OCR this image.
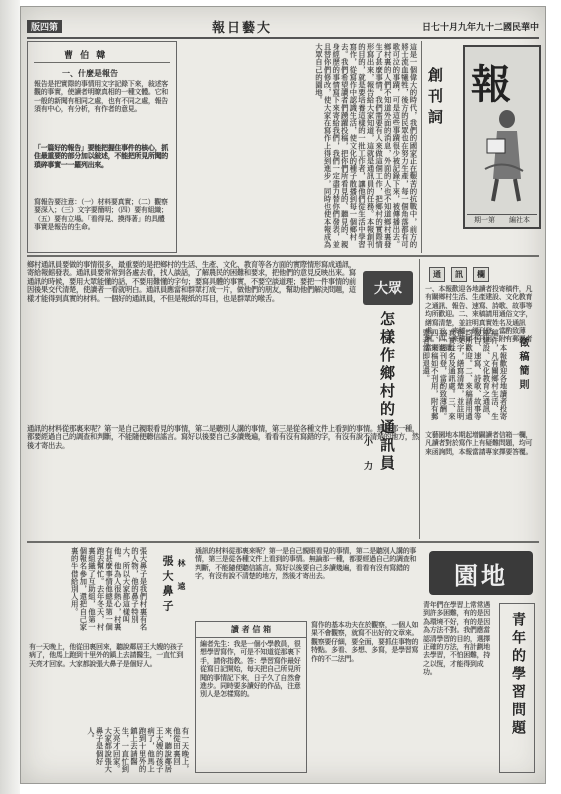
版四第	報日藝大	日七十月九年九十二國民華中
曹 伯 韓
一、什麼是報告
報告是把實際的事情用文字記錄下來，敍述客觀的事實，使讀者明瞭真相的一種文體。它和一般的新聞有相同之處，也有不同之處，報告須有中心，有分析，有作者的意見。
「一篇好的報告」要能把握住事件的核心，抓住最重要的部分加以敍述，不能把所見所聞的瑣碎事實一一羅列出來。
寫報告要注意：（一）材料要真實；（二）觀察要深入；（三）文字要簡明；（四）要有組織；（五）要有立場。「看得見、摸得著」的具體事實是報告的生命。	這是一個偉大的時代，我們的國家正在艱苦的抗戰中，前方的將士流血犧牲，後方的民眾也在努力生產，每一個角落都有可歌可泣的事蹟，可是這些事蹟很少被記錄下來，被傳播出去。鄉村裏的人們不知道外面的消息，外面的人也不知道鄉村裏發生了甚麼事情。我們需要有人來做這個工作，把鄉村的實際情形寫出來，報告給大家知道，這就是通訊員的任務。本報創刊的目的，就是要培養這樣的一批工作者，讓他們從生活中學習寫作，從寫作中認識生活，使文化的種子散播到每一個鄉村去。我們希望讀者們踴躍投稿，把你們所看見的、聽見的、親身經歷的事情寫下來寄給我們，我們一定盡力替你們發表，並且替你們修改，使大家在寫作上得到進步，同時也使本報成為大眾自己的園地。	創刊詞 報
期一第 編社本
鄉村通訊員要做的事情很多，最重要的是把鄉村的生活、生產、文化、教育等各方面的實際情形寫成通訊，寄給報館發表。通訊員要常常到各處去看，找人談話，了解農民的困難和要求，把他們的意見反映出來。寫通訊的時候，要用大眾能懂的話，不要用難懂的字句；要寫具體的事實，不要空談道理；要把一件事情的前因後果交代清楚，使讀者一看就明白。通訊員應當和群眾打成一片，做他們的朋友，幫助他們解決問題，這樣才能得到真實的材料。一個好的通訊員，不但是報紙的耳目，也是群眾的喉舌。
通訊的材料從那裏來呢？第一是自己親眼看見的事情，第二是聽別人講的事情，第三是從各種文件上看到的事情。無論那一種，都要經過自己的調查和判斷，不能隨便聽信謠言。寫好以後要自己多讀幾遍，看看有沒有寫錯的字，有沒有說不清楚的地方，然後才寄出去。
大眾
怎樣作鄉村的通訊員
小 力
通	訊	欄
一、本報歡迎各地讀者投寄稿件，凡有關鄉村生活、生產建設、文化教育之通訊、報告、速寫、詩歌、故事等均所歡迎。二、來稿請用通俗文字，繕寫清楚，並註明真實姓名及通訊處。三、來稿一經刊登，當酌致薄酬。四、來稿如不刊用，附有郵票者當即退還。	一、本報歡迎各地讀者投寄稿件，凡有關鄉村生活、生產建設、文化教育之通訊、報告、速寫、詩歌、故事等均所歡迎。二、來稿請用通俗文字，繕寫清楚，並註明真實姓名及通訊處。三、來稿一經刊登，當酌致薄酬。四、來稿如不刊用，附有郵票者當即退還。	徵稿簡則
文藝園地本期起增闢讀者信箱一欄，凡讀者對於寫作上有疑難問題，均可來函詢問，本報當請專家擇要答覆。
張大鼻子是我們村裏有名的人物，他的鼻子特別大，所以大家都這樣叫他。他為人很熱心，村裏有甚麼事情他總是第一個跑去幫忙。去年冬天，村裏組織了互助組，他第一個報名參加，還把自己家裏的牛借給別人用。
有一天晚上，他從田裏回來，聽說鄰居王大嫂的孩子病了，他馬上跑到十里外的鎮上去請醫生，一直忙到天亮才回家。大家都說張大鼻子是個好人。
張大鼻子 林 遠
有一天晚上，他從田裏回來，聽說鄰居王大嫂的孩子病了，他馬上跑到十里外的鎮上去請醫生，一直忙到天亮才回家。大家都說張大鼻子是個好人。
通訊的材料從那裏來呢？第一是自己親眼看見的事情，第二是聽別人講的事情，第三是從各種文件上看到的事情。無論那一種，都要經過自己的調查和判斷，不能隨便聽信謠言。寫好以後要自己多讀幾遍，看看有沒有寫錯的字，有沒有說不清楚的地方，然後才寄出去。
讀 者 信 箱
編者先生：我是一個小學教員，很想學習寫作，可是不知道從那裏下手，請你指教。答：學習寫作最好從寫日記開始，每天把自己所見所聞的事情記下來，日子久了自然會進步。同時要多讀好的作品，注意別人是怎樣寫的。
寫作的基本功夫在於觀察，一個人如果不會觀察，就寫不出好的文章來。觀察要仔細，要全面，要抓住事物的特點。多看、多想、多寫，是學習寫作的不二法門。
園地
青年們在學習上常常遇到許多困難，有的是因為環境不好，有的是因為方法不對。我們應當認清學習的目的，選擇正確的方法，有計劃地去學習，不怕困難，持之以恆，才能得到成功。	青年的學習問題
